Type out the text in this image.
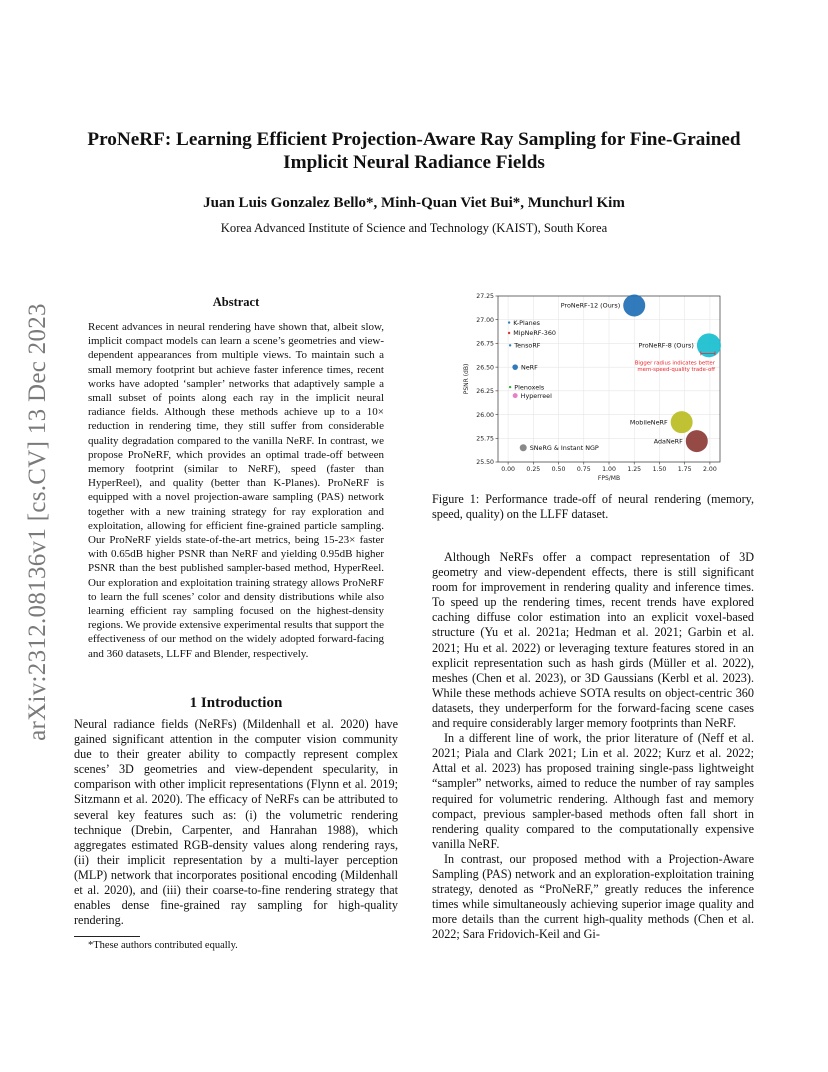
ProNeRF: Learning Efficient Projection-Aware Ray Sampling for Fine-Grained Implicit Neural Radiance Fields
Juan Luis Gonzalez Bello*, Minh-Quan Viet Bui*, Munchurl Kim
Korea Advanced Institute of Science and Technology (KAIST), South Korea
arXiv:2312.08136v1 [cs.CV] 13 Dec 2023
Abstract
Recent advances in neural rendering have shown that, albeit slow, implicit compact models can learn a scene’s geometries and view-dependent appearances from multiple views. To maintain such a small memory footprint but achieve faster inference times, recent works have adopted ‘sampler’ networks that adaptively sample a small subset of points along each ray in the implicit neural radiance fields. Although these methods achieve up to a 10× reduction in rendering time, they still suffer from considerable quality degradation compared to the vanilla NeRF. In contrast, we propose ProNeRF, which provides an optimal trade-off between memory footprint (similar to NeRF), speed (faster than HyperReel), and quality (better than K-Planes). ProNeRF is equipped with a novel projection-aware sampling (PAS) network together with a new training strategy for ray exploration and exploitation, allowing for efficient fine-grained particle sampling. Our ProNeRF yields state-of-the-art metrics, being 15-23× faster with 0.65dB higher PSNR than NeRF and yielding 0.95dB higher PSNR than the best published sampler-based method, HyperReel. Our exploration and exploitation training strategy allows ProNeRF to learn the full scenes’ color and density distributions while also learning efficient ray sampling focused on the highest-density regions. We provide extensive experimental results that support the effectiveness of our method on the widely adopted forward-facing and 360 datasets, LLFF and Blender, respectively.
1 Introduction
Neural radiance fields (NeRFs) (Mildenhall et al. 2020) have gained significant attention in the computer vision community due to their greater ability to compactly represent complex scenes’ 3D geometries and view-dependent specularity, in comparison with other implicit representations (Flynn et al. 2019; Sitzmann et al. 2020). The efficacy of NeRFs can be attributed to several key features such as: (i) the volumetric rendering technique (Drebin, Carpenter, and Hanrahan 1988), which aggregates estimated RGB-density values along rendering rays, (ii) their implicit representation by a multi-layer perception (MLP) network that incorporates positional encoding (Mildenhall et al. 2020), and (iii) their coarse-to-fine rendering strategy that enables dense fine-grained ray sampling for high-quality rendering.
*These authors contributed equally.
0.00 0.25 0.50 0.75 1.00 1.25 1.50 1.75 2.00
25.50
25.75
26.00
26.25
26.50
26.75
27.00
27.25
FPS/MB
PSNR (dB)
ProNeRF-12 (Ours)
ProNeRF-8 (Ours)
K-Planes
MipNeRF-360
TensoRF
NeRF
Plenoxels
Hyperreel
MobileNeRF
AdaNeRF
SNeRG & Instant NGP
Bigger radius indicates better
mem-speed-quality trade-off
Figure 1: Performance trade-off of neural rendering (memory, speed, quality) on the LLFF dataset.

Although NeRFs offer a compact representation of 3D geometry and view-dependent effects, there is still significant room for improvement in rendering quality and inference times. To speed up the rendering times, recent trends have explored caching diffuse color estimation into an explicit voxel-based structure (Yu et al. 2021a; Hedman et al. 2021; Garbin et al. 2021; Hu et al. 2022) or leveraging texture features stored in an explicit representation such as hash girds (Müller et al. 2022), meshes (Chen et al. 2023), or 3D Gaussians (Kerbl et al. 2023). While these methods achieve SOTA results on object-centric 360 datasets, they underperform for the forward-facing scene cases and require considerably larger memory footprints than NeRF.

In a different line of work, the prior literature of (Neff et al. 2021; Piala and Clark 2021; Lin et al. 2022; Kurz et al. 2022; Attal et al. 2023) has proposed training single-pass lightweight “sampler” networks, aimed to reduce the number of ray samples required for volumetric rendering. Although fast and memory compact, previous sampler-based methods often fall short in rendering quality compared to the computationally expensive vanilla NeRF.

In contrast, our proposed method with a Projection-Aware Sampling (PAS) network and an exploration-exploitation training strategy, denoted as “ProNeRF,” greatly reduces the inference times while simultaneously achieving superior image quality and more details than the current high-quality methods (Chen et al. 2022; Sara Fridovich-Keil and Gi-
